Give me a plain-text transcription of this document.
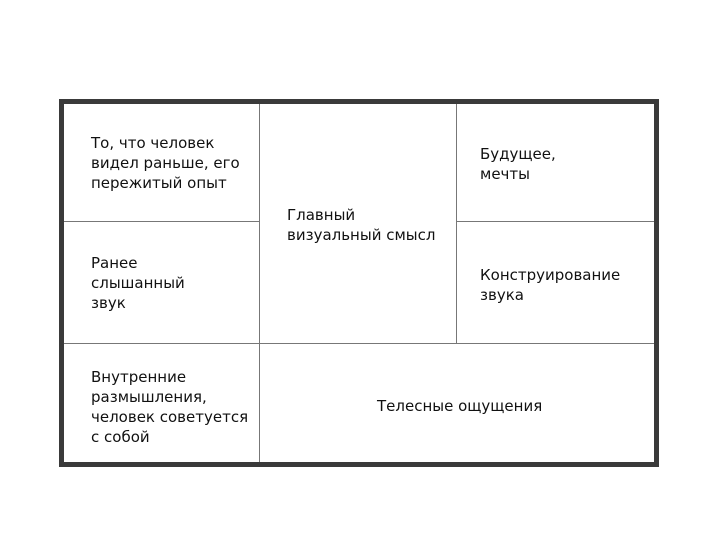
То, что человек
видел раньше, его
пережитый опыт
Будущее,
мечты
Главный
визуальный смысл
Ранее
слышанный
звук
Конструирование
звука
Внутренние
размышления,
человек советуется
с собой
Телесные ощущения
